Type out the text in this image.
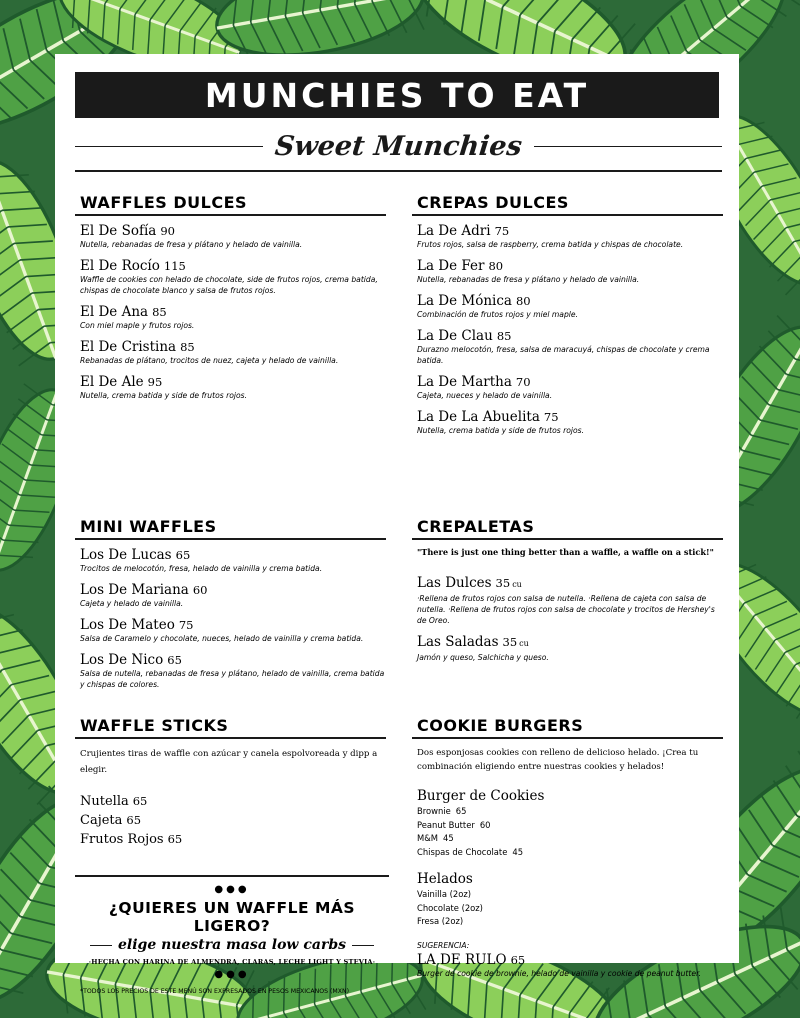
MUNCHIES TO EAT
Sweet Munchies
WAFFLES DULCES
El De Sofía 90
Nutella, rebanadas de fresa y plátano y helado de vainilla.
El De Rocío 115
Waffle de cookies con helado de chocolate, side de frutos rojos, crema batida, chispas de chocolate blanco y salsa de frutos rojos.
El De Ana 85
Con miel maple y frutos rojos.
El De Cristina 85
Rebanadas de plátano, trocitos de nuez, cajeta y helado de vainilla.
El De Ale 95
Nutella, crema batida y side de frutos rojos.
MINI WAFFLES
Los De Lucas 65
Trocitos de melocotón, fresa, helado de vainilla y crema batida.
Los De Mariana 60
Cajeta y helado de vainilla.
Los De Mateo 75
Salsa de Caramelo y chocolate, nueces, helado de vainilla y crema batida.
Los De Nico 65
Salsa de nutella, rebanadas de fresa y plátano, helado de vainilla, crema batida y chispas de colores.
WAFFLE STICKS
Crujientes tiras de waffle con azúcar y canela espolvoreada y dipp a elegir.
Nutella 65
Cajeta 65
Frutos Rojos 65
CREPAS DULCES
La De Adri 75
Frutos rojos, salsa de raspberry, crema batida y chispas de chocolate.
La De Fer 80
Nutella, rebanadas de fresa y plátano y helado de vainilla.
La De Mónica 80
Combinación de frutos rojos y miel maple.
La De Clau 85
Durazno melocotón, fresa, salsa de maracuyá, chispas de chocolate y crema batida.
La De Martha 70
Cajeta, nueces y helado de vainilla.
La De La Abuelita 75
Nutella, crema batida y side de frutos rojos.
CREPALETAS
"There is just one thing better than a waffle, a waffle on a stick!"
Las Dulces 35 cu
·Rellena de frutos rojos con salsa de nutella. ·Rellena de cajeta con salsa de nutella. ·Rellena de frutos rojos con salsa de chocolate y trocitos de Hershey's de Oreo.
Las Saladas 35 cu
Jamón y queso, Salchicha y queso.
COOKIE BURGERS
Dos esponjosas cookies con relleno de delicioso helado. ¡Crea tu combinación eligiendo entre nuestras cookies y helados!
Burger de Cookies
Brownie 65
Peanut Butter 60
M&M 45
Chispas de Chocolate 45
Helados
Vainilla (2oz)
Chocolate (2oz)
Fresa (2oz)
SUGERENCIA:
LA DE RULO 65
Burger de cookie de brownie, helado de vainilla y cookie de peanut butter.
●●●
¿QUIERES UN WAFFLE MÁS LIGERO?
elige nuestra masa low carbs
·HECHA CON HARINA DE ALMENDRA, CLARAS, LECHE LIGHT Y STEVIA·
●●●
*TODOS LOS PRECIOS DE ESTE MENÚ SON EXPRESADOS EN PESOS MEXICANOS (MXN)
